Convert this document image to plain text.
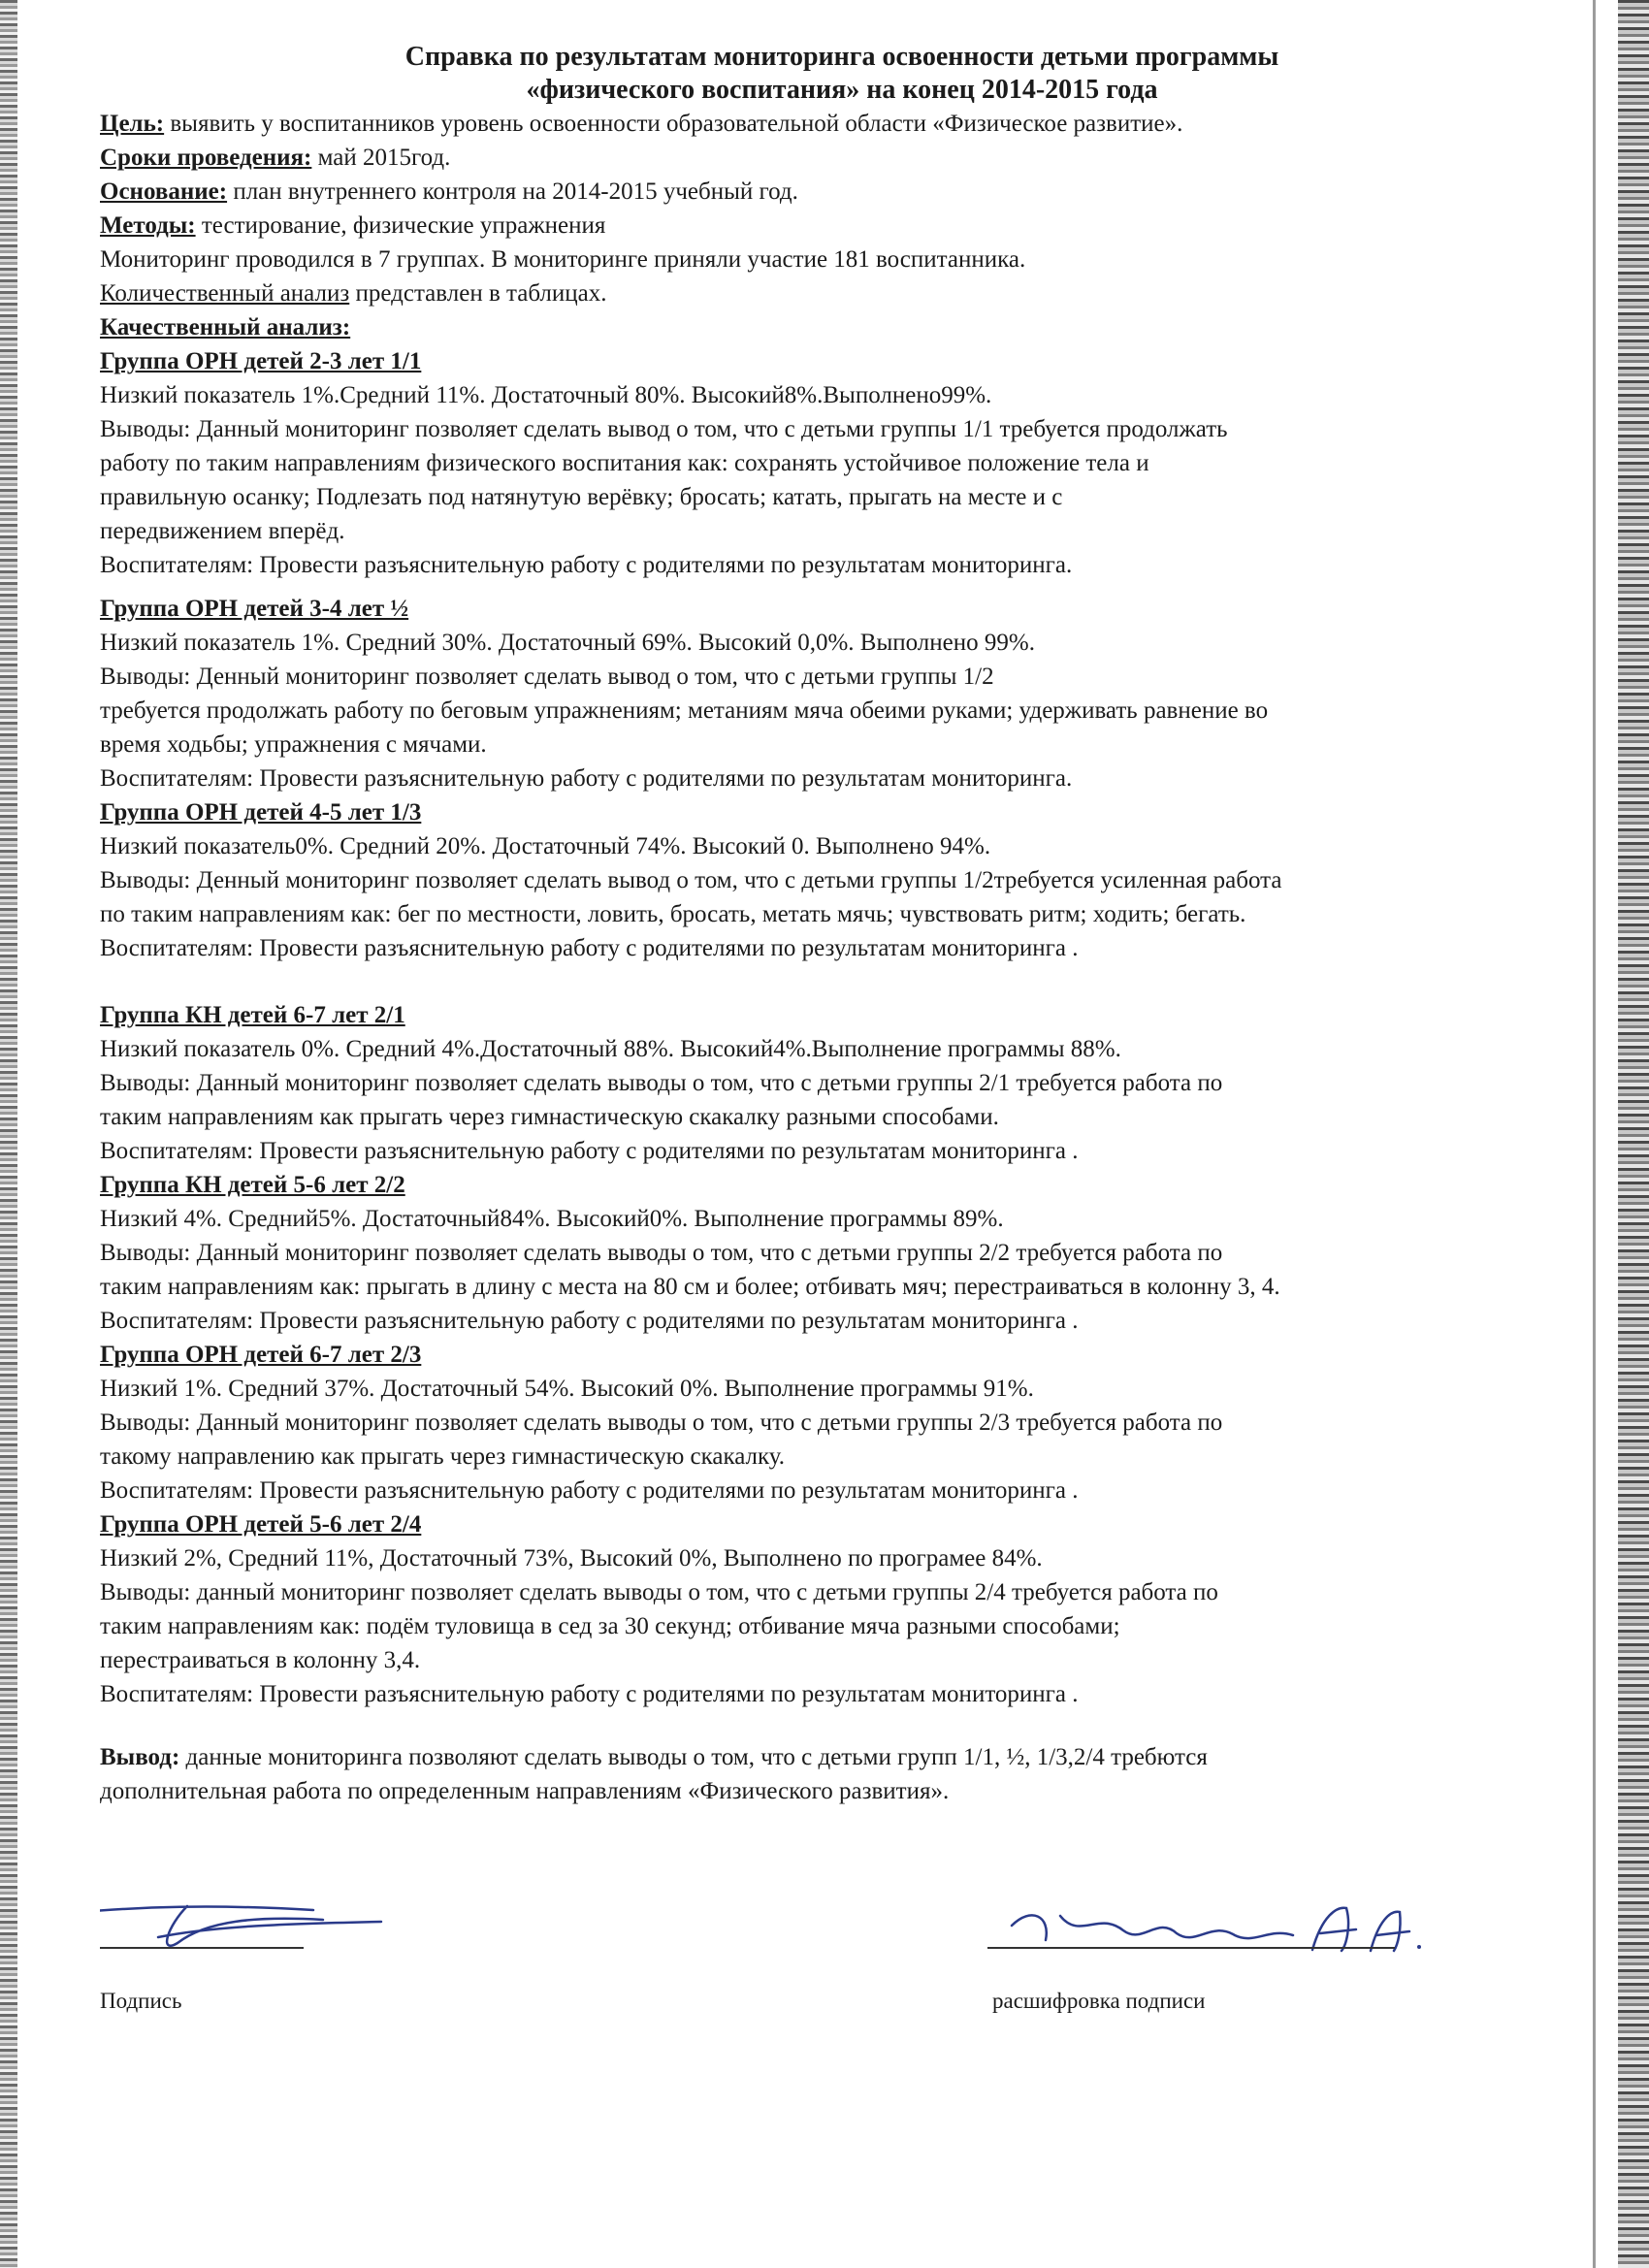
Справка по результатам мониторинга освоенности детьми программы

«физического воспитания» на конец 2014-2015 года

Цель: выявить у воспитанников уровень освоенности образовательной области «Физическое развитие».

Сроки проведения: май 2015год.

Основание: план внутреннего контроля на 2014-2015 учебный год.

Методы: тестирование, физические упражнения

Мониторинг проводился в 7 группах. В мониторинге приняли участие 181 воспитанника.

Количественный анализ представлен в таблицах.

Качественный анализ:

Группа ОРН детей 2-3 лет 1/1

Низкий показатель 1%.Средний 11%. Достаточный 80%. Высокий8%.Выполнено99%.

Выводы: Данный мониторинг позволяет сделать вывод о том, что с детьми группы 1/1 требуется продолжать

работу по таким направлениям физического воспитания как: сохранять устойчивое положение тела и

правильную осанку; Подлезать под натянутую верёвку; бросать; катать, прыгать на месте и с

передвижением вперёд.

Воспитателям: Провести разъяснительную работу с родителями по результатам мониторинга.

Группа ОРН детей 3-4 лет ½

Низкий показатель 1%. Средний 30%. Достаточный 69%. Высокий 0,0%. Выполнено 99%.

Выводы: Денный мониторинг позволяет сделать вывод о том, что с детьми группы 1/2

требуется продолжать работу по беговым упражнениям; метаниям мяча обеими руками; удерживать равнение во

время ходьбы; упражнения с мячами.

Воспитателям: Провести разъяснительную работу с родителями по результатам мониторинга.

Группа ОРН детей 4-5 лет 1/3

Низкий показатель0%. Средний 20%. Достаточный 74%. Высокий 0. Выполнено 94%.

Выводы: Денный мониторинг позволяет сделать вывод о том, что с детьми группы 1/2требуется усиленная работа

по таким направлениям как: бег по местности, ловить, бросать, метать мячь; чувствовать ритм; ходить; бегать.

Воспитателям: Провести разъяснительную работу с родителями по результатам мониторинга .

Группа КН детей 6-7 лет 2/1

Низкий показатель 0%. Средний 4%.Достаточный 88%. Высокий4%.Выполнение программы 88%.

Выводы: Данный мониторинг позволяет сделать выводы о том, что с детьми группы 2/1 требуется работа по

таким направлениям как прыгать через гимнастическую скакалку разными способами.

Воспитателям: Провести разъяснительную работу с родителями по результатам мониторинга .

Группа КН детей 5-6 лет 2/2

Низкий 4%. Средний5%. Достаточный84%. Высокий0%. Выполнение программы 89%.

Выводы: Данный мониторинг позволяет сделать выводы о том, что с детьми группы 2/2 требуется работа по

таким направлениям как: прыгать в длину с места на 80 см и более; отбивать мяч; перестраиваться в колонну 3, 4.

Воспитателям: Провести разъяснительную работу с родителями по результатам мониторинга .

Группа ОРН детей 6-7 лет 2/3

Низкий 1%. Средний 37%. Достаточный 54%. Высокий 0%. Выполнение программы 91%.

Выводы: Данный мониторинг позволяет сделать выводы о том, что с детьми группы 2/3 требуется работа по

такому направлению как прыгать через гимнастическую скакалку.

Воспитателям: Провести разъяснительную работу с родителями по результатам мониторинга .

Группа ОРН детей 5-6 лет 2/4

Низкий 2%, Средний 11%, Достаточный 73%, Высокий 0%, Выполнено по програмее 84%.

Выводы: данный мониторинг позволяет сделать выводы о том, что с детьми группы 2/4 требуется работа по

таким направлениям как: подём туловища в сед за 30 секунд; отбивание мяча разными способами;

перестраиваться в колонну 3,4.

Воспитателям: Провести разъяснительную работу с родителями по результатам мониторинга .

Вывод: данные мониторинга позволяют сделать выводы о том, что с детьми групп 1/1, ½, 1/3,2/4 требются

дополнительная работа по определенным направлениям «Физического развития».

Подпись	расшифровка подписи
